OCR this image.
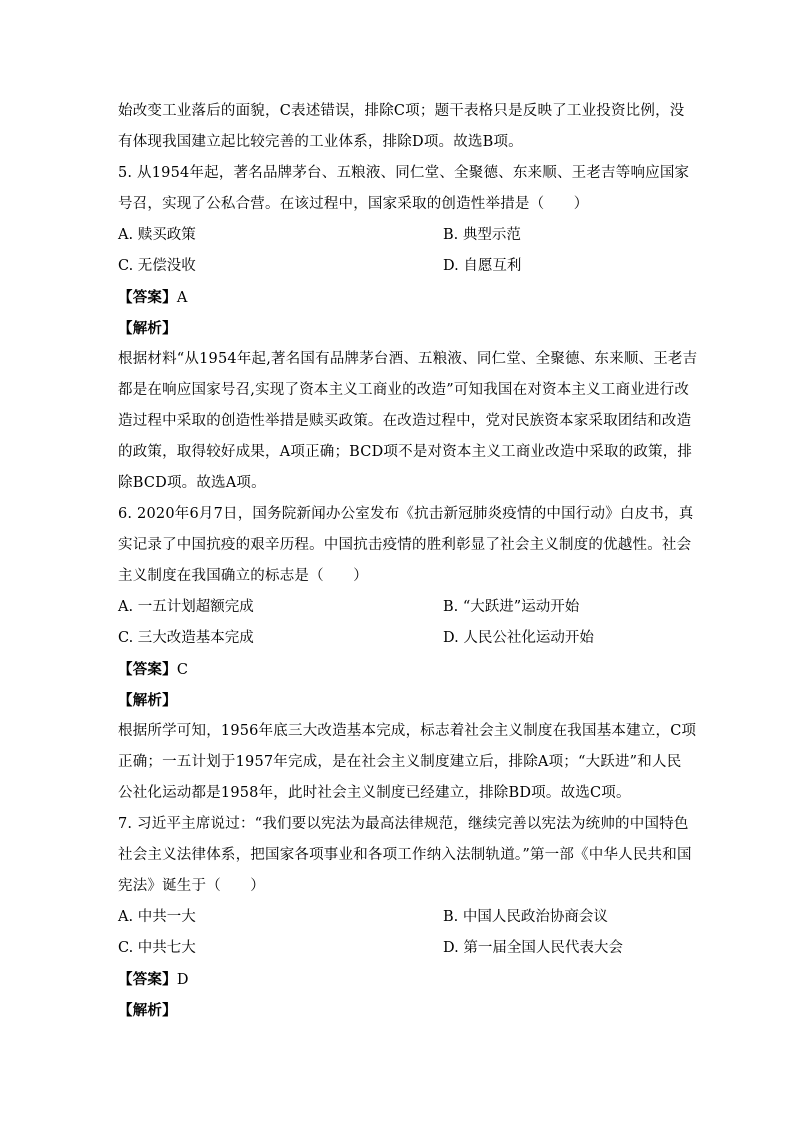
始改变工业落后的面貌，C表述错误，排除C项；题干表格只是反映了工业投资比例，没
有体现我国建立起比较完善的工业体系，排除D项。故选B项。
5. 从1954年起，著名品牌茅台、五粮液、同仁堂、全聚德、东来顺、王老吉等响应国家
号召，实现了公私合营。在该过程中，国家采取的创造性举措是（　　）
A. 赎买政策	B. 典型示范
C. 无偿没收	D. 自愿互利
【答案】A
【解析】
根据材料“从1954年起,著名国有品牌茅台酒、五粮液、同仁堂、全聚德、东来顺、王老吉
都是在响应国家号召,实现了资本主义工商业的改造”可知我国在对资本主义工商业进行改
造过程中采取的创造性举措是赎买政策。在改造过程中，党对民族资本家采取团结和改造
的政策，取得较好成果，A项正确；BCD项不是对资本主义工商业改造中采取的政策，排
除BCD项。故选A项。
6. 2020年6月7日，国务院新闻办公室发布《抗击新冠肺炎疫情的中国行动》白皮书，真
实记录了中国抗疫的艰辛历程。中国抗击疫情的胜利彰显了社会主义制度的优越性。社会
主义制度在我国确立的标志是（　　）
A. 一五计划超额完成	B. “大跃进”运动开始
C. 三大改造基本完成	D. 人民公社化运动开始
【答案】C
【解析】
根据所学可知，1956年底三大改造基本完成，标志着社会主义制度在我国基本建立，C项
正确；一五计划于1957年完成，是在社会主义制度建立后，排除A项；“大跃进”和人民
公社化运动都是1958年，此时社会主义制度已经建立，排除BD项。故选C项。
7. 习近平主席说过：“我们要以宪法为最高法律规范，继续完善以宪法为统帅的中国特色
社会主义法律体系，把国家各项事业和各项工作纳入法制轨道。”第一部《中华人民共和国
宪法》诞生于（　　）
A. 中共一大	B. 中国人民政治协商会议
C. 中共七大	D. 第一届全国人民代表大会
【答案】D
【解析】
